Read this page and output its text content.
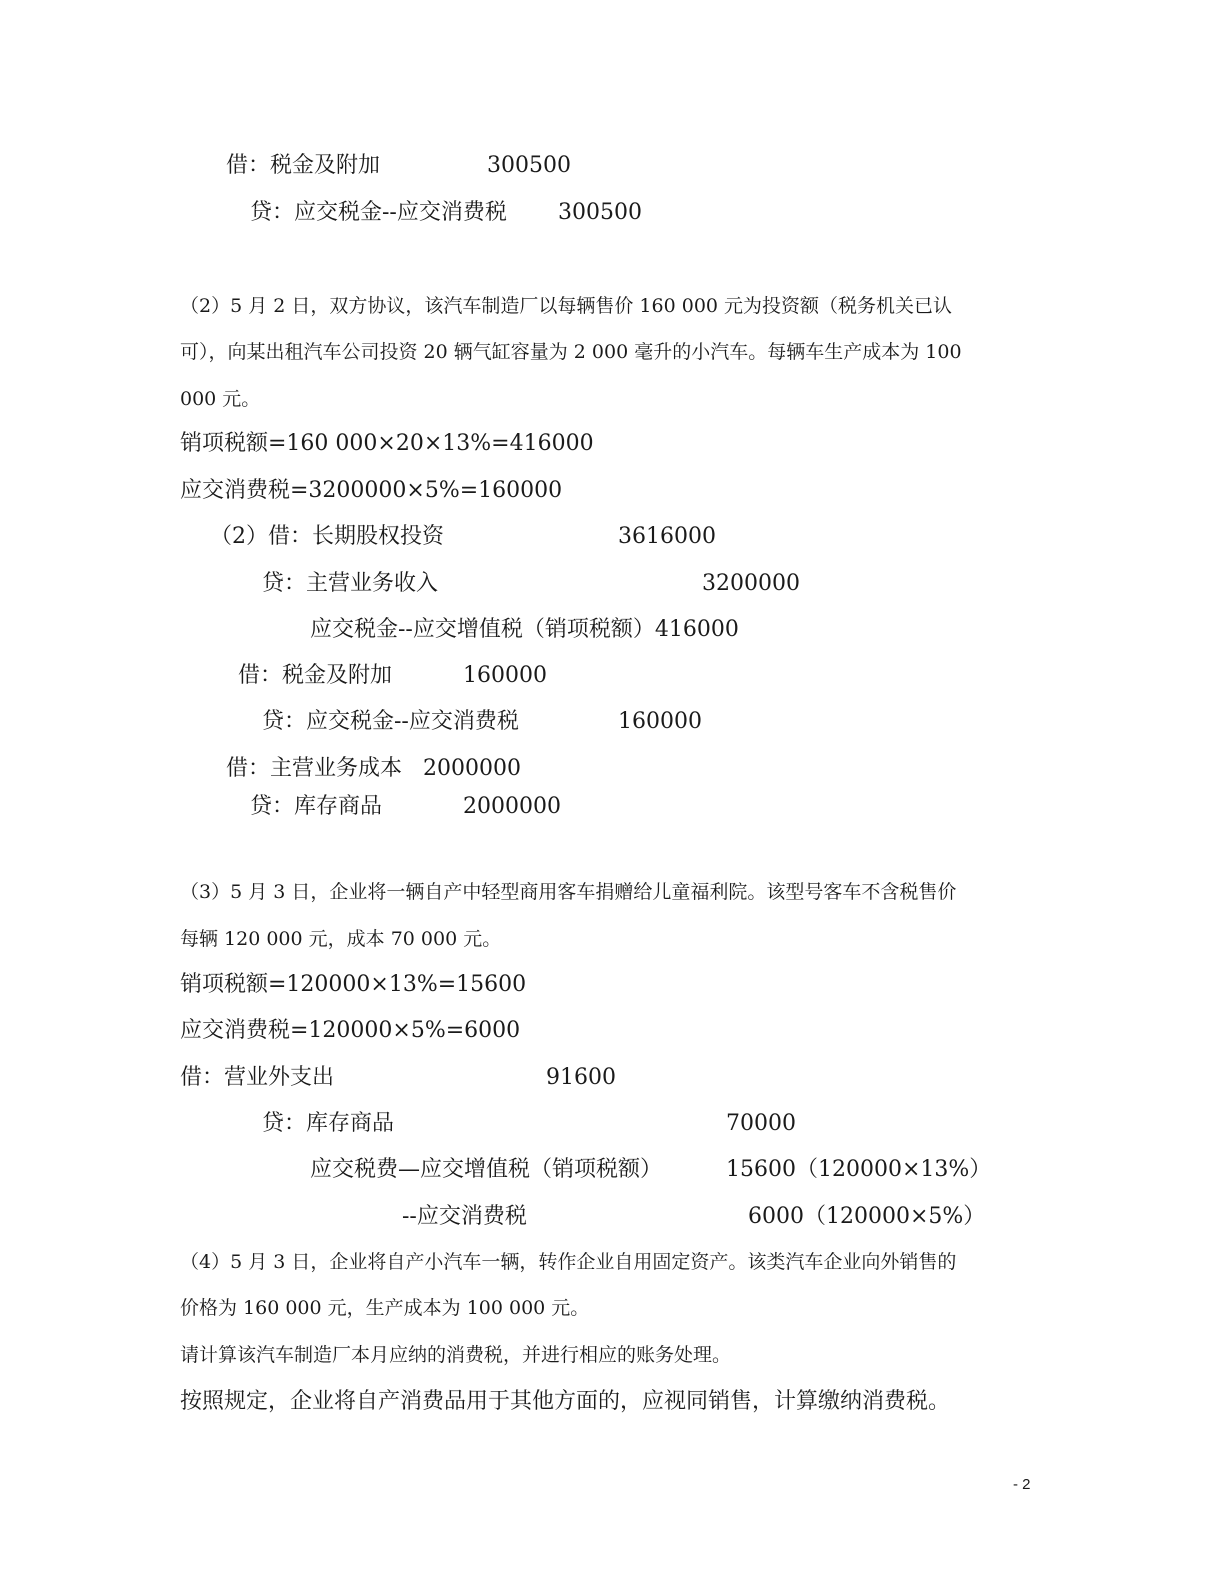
借：税金及附加	300500
贷：应交税金--应交消费税 300500
（2）5 月 2 日，双方协议，该汽车制造厂以每辆售价 160 000 元为投资额（税务机关已认
可），向某出租汽车公司投资 20 辆气缸容量为 2 000 毫升的小汽车。每辆车生产成本为 100
000 元。
销项税额=160 000×20×13%=416000
应交消费税=3200000×5%=160000
（2）借：长期股权投资	3616000
贷：主营业务收入	3200000
应交税金--应交增值税（销项税额）416000
借：税金及附加	160000
贷：应交税金--应交消费税	160000
借：主营业务成本   2000000
贷：库存商品	2000000
（3）5 月 3 日，企业将一辆自产中轻型商用客车捐赠给儿童福利院。该型号客车不含税售价
每辆 120 000 元，成本 70 000 元。
销项税额=120000×13%=15600
应交消费税=120000×5%=6000
借：营业外支出	91600
贷：库存商品	70000
应交税费—应交增值税（销项税额）	15600（120000×13%）
--应交消费税	6000（120000×5%）
（4）5 月 3 日，企业将自产小汽车一辆，转作企业自用固定资产。该类汽车企业向外销售的
价格为 160 000 元，生产成本为 100 000 元。
请计算该汽车制造厂本月应纳的消费税，并进行相应的账务处理。
按照规定，企业将自产消费品用于其他方面的，应视同销售，计算缴纳消费税。
- 2
